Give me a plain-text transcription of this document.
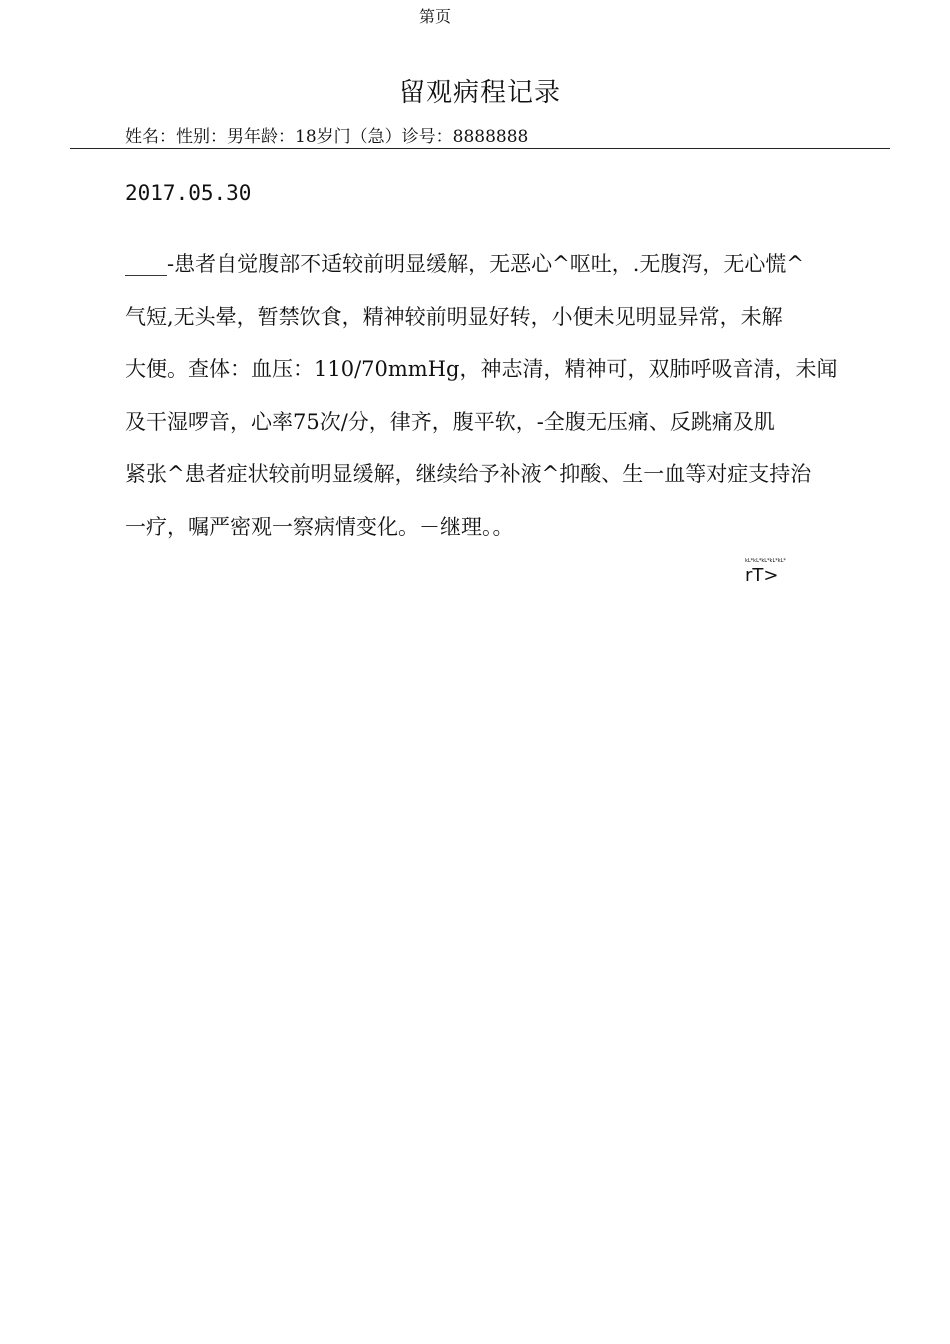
第页
留观病程记录
姓名：性别：男年龄：18岁门（急）诊号：8888888
2017.05.30
____-患者自觉腹部不适较前明显缓解，无恶心^呕吐，.无腹泻，无心慌^
气短,无头晕，暂禁饮食，精神较前明显好转，小便未见明显异常，未解
大便。查体：血压：110/70mmHg，神志清，精神可，双肺呼吸音清，未闻
及干湿啰音，心率75次/分，律齐，腹平软，-全腹无压痛、反跳痛及肌
紧张^患者症状较前明显缓解，继续给予补液^抑酸、生一血等对症支持治
一疗，嘱严密观一察病情变化。－继理。。
kL*kL*kL*kL*kL*
rT>
